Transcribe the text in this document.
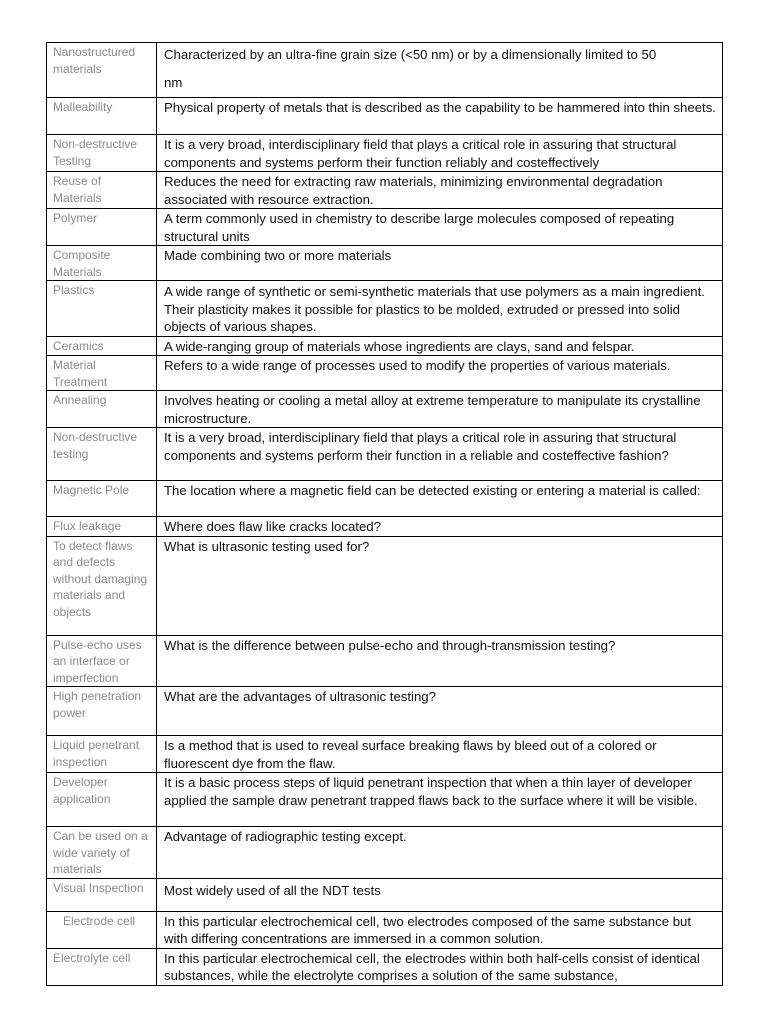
Nanostructured materials	Characterized by an ultra-fine grain size (<50 nm) or by a dimensionally limited to 50
nm

Malleability	Physical property of metals that is described as the capability to be hammered into thin sheets.
Non-destructive Testing	It is a very broad, interdisciplinary field that plays a critical role in assuring that structural components and systems perform their function reliably and costeffectively
Reuse of Materials	Reduces the need for extracting raw materials, minimizing environmental degradation associated with resource extraction.
Polymer	A term commonly used in chemistry to describe large molecules composed of repeating structural units
Composite Materials	Made combining two or more materials
Plastics	A wide range of synthetic or semi-synthetic materials that use polymers as a main ingredient. Their plasticity makes it possible for plastics to be molded, extruded or pressed into solid objects of various shapes.
Ceramics	A wide-ranging group of materials whose ingredients are clays, sand and felspar.
Material Treatment	Refers to a wide range of processes used to modify the properties of various materials.
Annealing	Involves heating or cooling a metal alloy at extreme temperature to manipulate its crystalline microstructure.
Non-destructive testing	It is a very broad, interdisciplinary field that plays a critical role in assuring that structural components and systems perform their function in a reliable and costeffective fashion?
Magnetic Pole	The location where a magnetic field can be detected existing or entering a material is called:
Flux leakage	Where does flaw like cracks located?
To detect flaws and defects without damaging materials and objects	What is ultrasonic testing used for?
Pulse-echo uses an interface or imperfection	What is the difference between pulse-echo and through-transmission testing?
High penetration power	What are the advantages of ultrasonic testing?
Liquid penetrant inspection	Is a method that is used to reveal surface breaking flaws by bleed out of a colored or fluorescent dye from the flaw.
Developer application	It is a basic process steps of liquid penetrant inspection that when a thin layer of developer applied the sample draw penetrant trapped flaws back to the surface where it will be visible.
Can be used on a wide variety of materials	Advantage of radiographic testing except.
Visual Inspection	Most widely used of all the NDT tests
Electrode cell	In this particular electrochemical cell, two electrodes composed of the same substance but with differing concentrations are immersed in a common solution.
Electrolyte cell	In this particular electrochemical cell, the electrodes within both half-cells consist of identical substances, while the electrolyte comprises a solution of the same substance,
